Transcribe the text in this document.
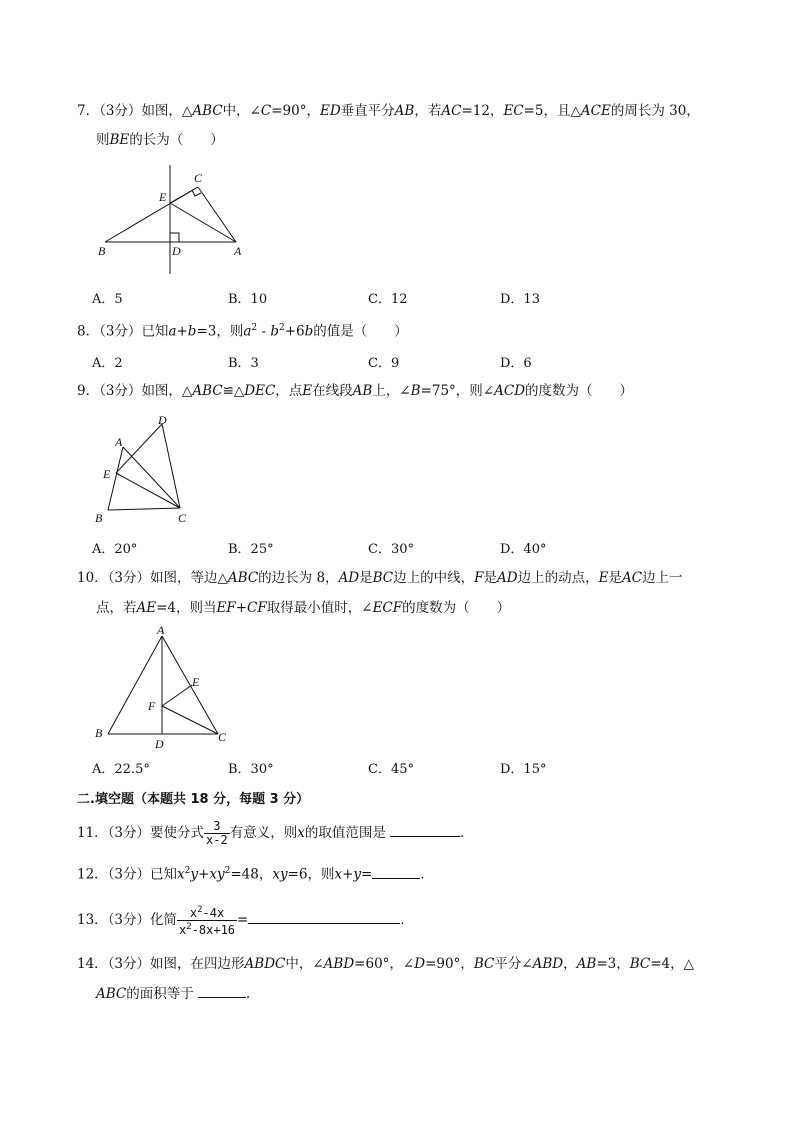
7．（3分）如图，△ABC中，∠C=90°，ED垂直平分AB，若AC=12，EC=5，且△ACE的周长为 30，
则BE的长为（　　）
C
E
B	D	A
A．5	B．10	C．12	D．13
8．（3分）已知a+b=3，则$a^2 - b^2+6b$的值是（　　）
A．2	B．3	C．9	D．6
9．（3分）如图，△ABC≌△DEC，点E在线段AB上，∠B=75°，则∠ACD的度数为（　　）
D
A
E
B	C
A．20°	B．25°	C．30°	D．40°
10．（3分）如图，等边△ABC的边长为 8，AD是BC边上的中线，F是AD边上的动点，E是AC边上一
点，若AE=4，则当EF+CF取得最小值时，∠ECF的度数为（　　）
A
E
F
B
D	C
A．22.5°	B．30°	C．45°	D．15°
二.填空题（本题共 18 分，每题 3 分）
11．（3分）要使分式 $\frac{3}{x-2}$ 有意义，则x的取值范围是	．
12．（3分）已知$x^2y+xy^2=48$，xy=6，则x+y=	．
13．（3分）化简 $\frac{x^2-4x}{x^2-8x+16}$ =	．
14．（3分）如图，在四边形ABDC中，∠ABD=60°，∠D=90°，BC平分∠ABD，AB=3，BC=4，△
ABC的面积等于	．
